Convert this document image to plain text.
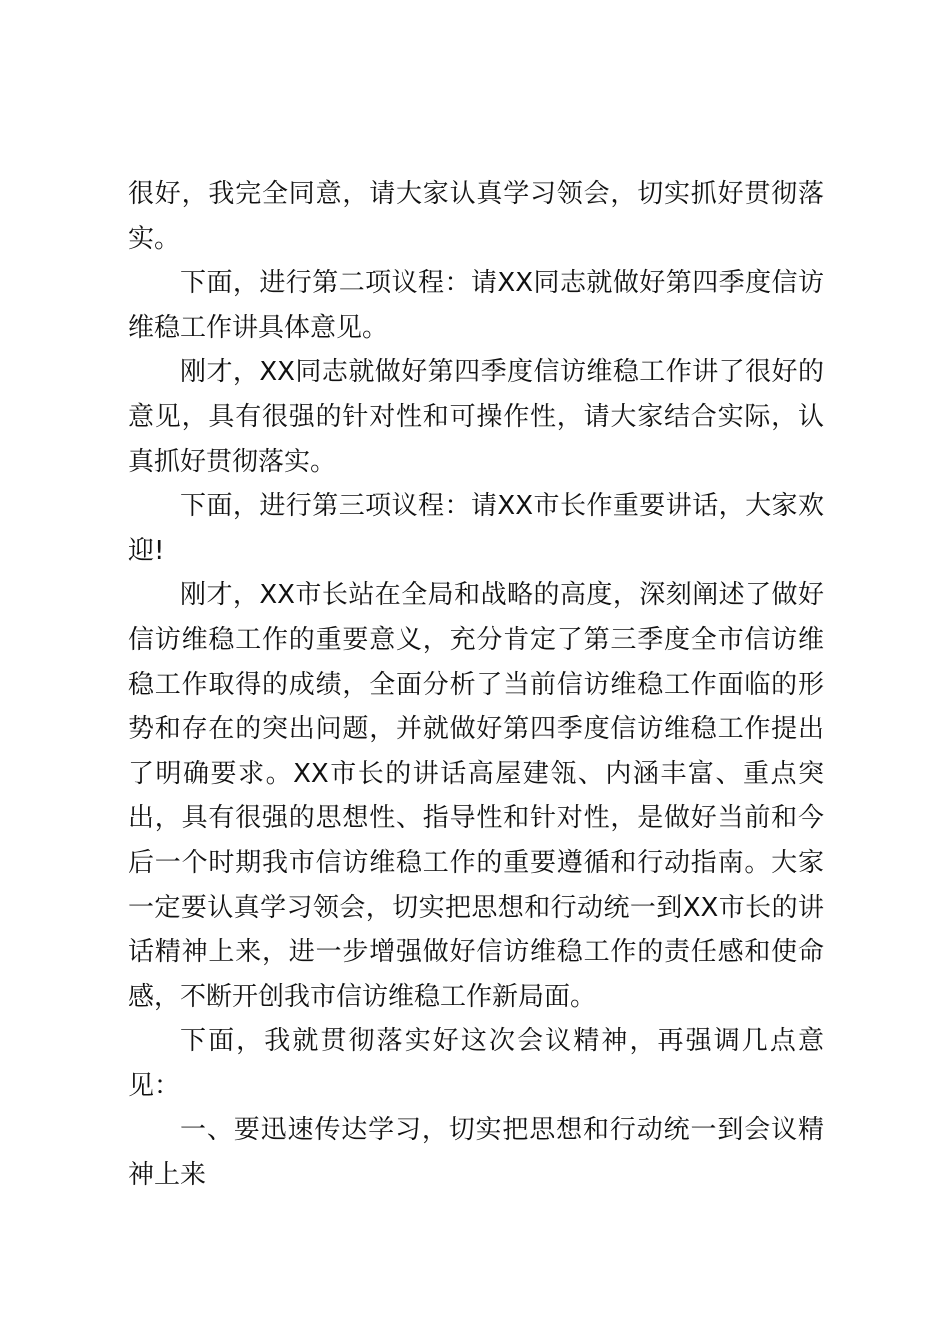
很好，我完全同意，请大家认真学习领会，切实抓好贯彻落实。

下面，进行第二项议程：请XX同志就做好第四季度信访维稳工作讲具体意见。

刚才，XX同志就做好第四季度信访维稳工作讲了很好的意见，具有很强的针对性和可操作性，请大家结合实际，认真抓好贯彻落实。

下面，进行第三项议程：请XX市长作重要讲话，大家欢迎!

刚才，XX市长站在全局和战略的高度，深刻阐述了做好信访维稳工作的重要意义，充分肯定了第三季度全市信访维稳工作取得的成绩，全面分析了当前信访维稳工作面临的形势和存在的突出问题，并就做好第四季度信访维稳工作提出了明确要求。XX市长的讲话高屋建瓴、内涵丰富、重点突出，具有很强的思想性、指导性和针对性，是做好当前和今后一个时期我市信访维稳工作的重要遵循和行动指南。大家一定要认真学习领会，切实把思想和行动统一到XX市长的讲话精神上来，进一步增强做好信访维稳工作的责任感和使命感，不断开创我市信访维稳工作新局面。

下面，我就贯彻落实好这次会议精神，再强调几点意见：

一、要迅速传达学习，切实把思想和行动统一到会议精神上来
